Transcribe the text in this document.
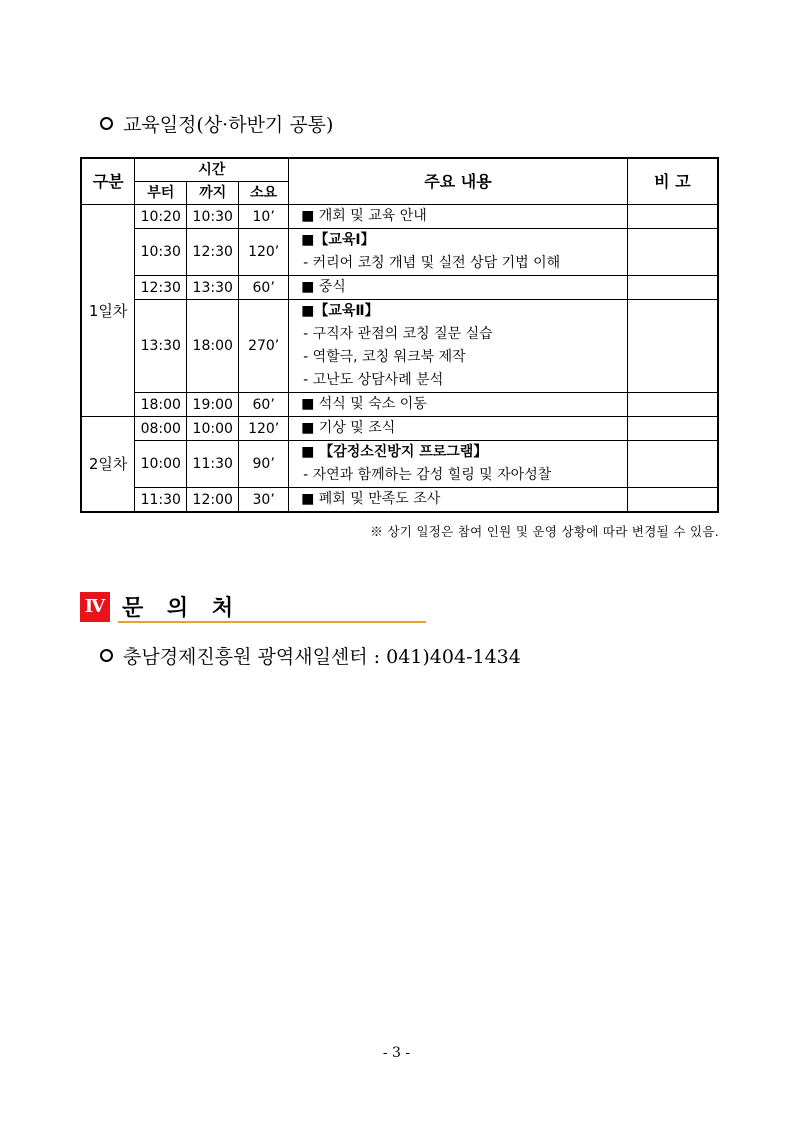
교육일정(상·하반기 공통)
구분	시간			주요 내용	비 고
	부터	까지	소요		
1일차	10:20	10:30	10’	■ 개회 및 교육 안내	

	10:30	12:30	120’	■【교육Ⅰ】
- 커리어 코칭 개념 및 실전 상담 기법 이해	

	12:30	13:30	60’	■ 중식	

	13:30	18:00	270’	■【교육Ⅱ】
- 구직자 관점의 코칭 질문 실습
- 역할극, 코칭 워크북 제작
- 고난도 상담사례 분석	

	18:00	19:00	60’	■ 석식 및 숙소 이동	

2일차	08:00	10:00	120’	■ 기상 및 조식	

	10:00	11:30	90’	■ 【감정소진방지 프로그램】
- 자연과 함께하는 감성 힐링 및 자아성찰	

	11:30	12:00	30’	■ 폐회 및 만족도 조사	

※ 상기 일정은 참여 인원 및 운영 상황에 따라 변경될 수 있음.
Ⅳ 문 의 처
충남경제진흥원 광역새일센터 : 041)404-1434
- 3 -
